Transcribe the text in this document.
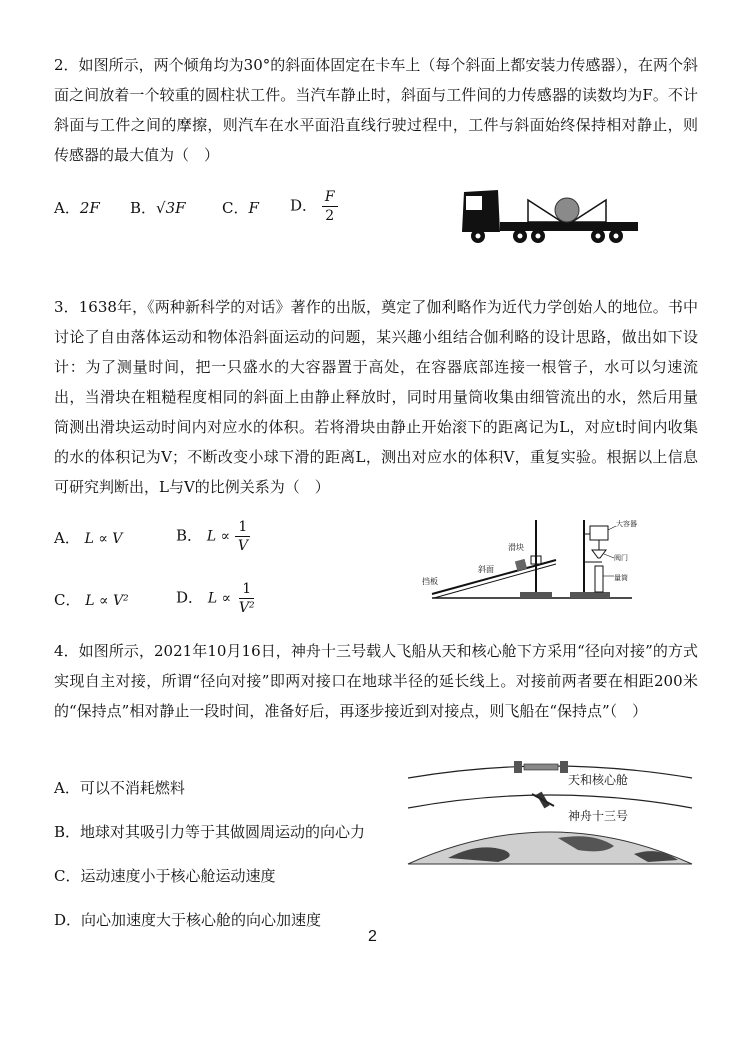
2．如图所示，两个倾角均为30°的斜面体固定在卡车上（每个斜面上都安装力传感器），在两个斜面之间放着一个较重的圆柱状工件。当汽车静止时，斜面与工件间的力传感器的读数均为F。不计斜面与工件之间的摩擦，则汽车在水平面沿直线行驶过程中，工件与斜面始终保持相对静止，则传感器的最大值为（　）
A．2F B．√3F C．F D． $\frac{F}{2}$
3．1638年，《两种新科学的对话》著作的出版，奠定了伽利略作为近代力学创始人的地位。书中讨论了自由落体运动和物体沿斜面运动的问题，某兴趣小组结合伽利略的设计思路，做出如下设计：为了测量时间，把一只盛水的大容器置于高处，在容器底部连接一根管子，水可以匀速流出，当滑块在粗糙程度相同的斜面上由静止释放时，同时用量筒收集由细管流出的水，然后用量筒测出滑块运动时间内对应水的体积。若将滑块由静止开始滚下的距离记为L，对应t时间内收集的水的体积记为V；不断改变小球下滑的距离L，测出对应水的体积V，重复实验。根据以上信息可研究判断出，L与V的比例关系为（　）
A． L ∝ V	B． $L \propto \frac{1}{V}$
C． L ∝ V²	D． $L \propto \frac{1}{\text{V²}}$
滑块
斜面
挡板
大容器
阀门
量筒
4．如图所示，2021年10月16日，神舟十三号载人飞船从天和核心舱下方采用“径向对接”的方式实现自主对接，所谓“径向对接”即两对接口在地球半径的延长线上。对接前两者要在相距200米的“保持点”相对静止一段时间，准备好后，再逐步接近到对接点，则飞船在“保持点”（　）
A．可以不消耗燃料
B．地球对其吸引力等于其做圆周运动的向心力
C．运动速度小于核心舱运动速度
D．向心加速度大于核心舱的向心加速度
天和核心舱
神舟十三号
2
